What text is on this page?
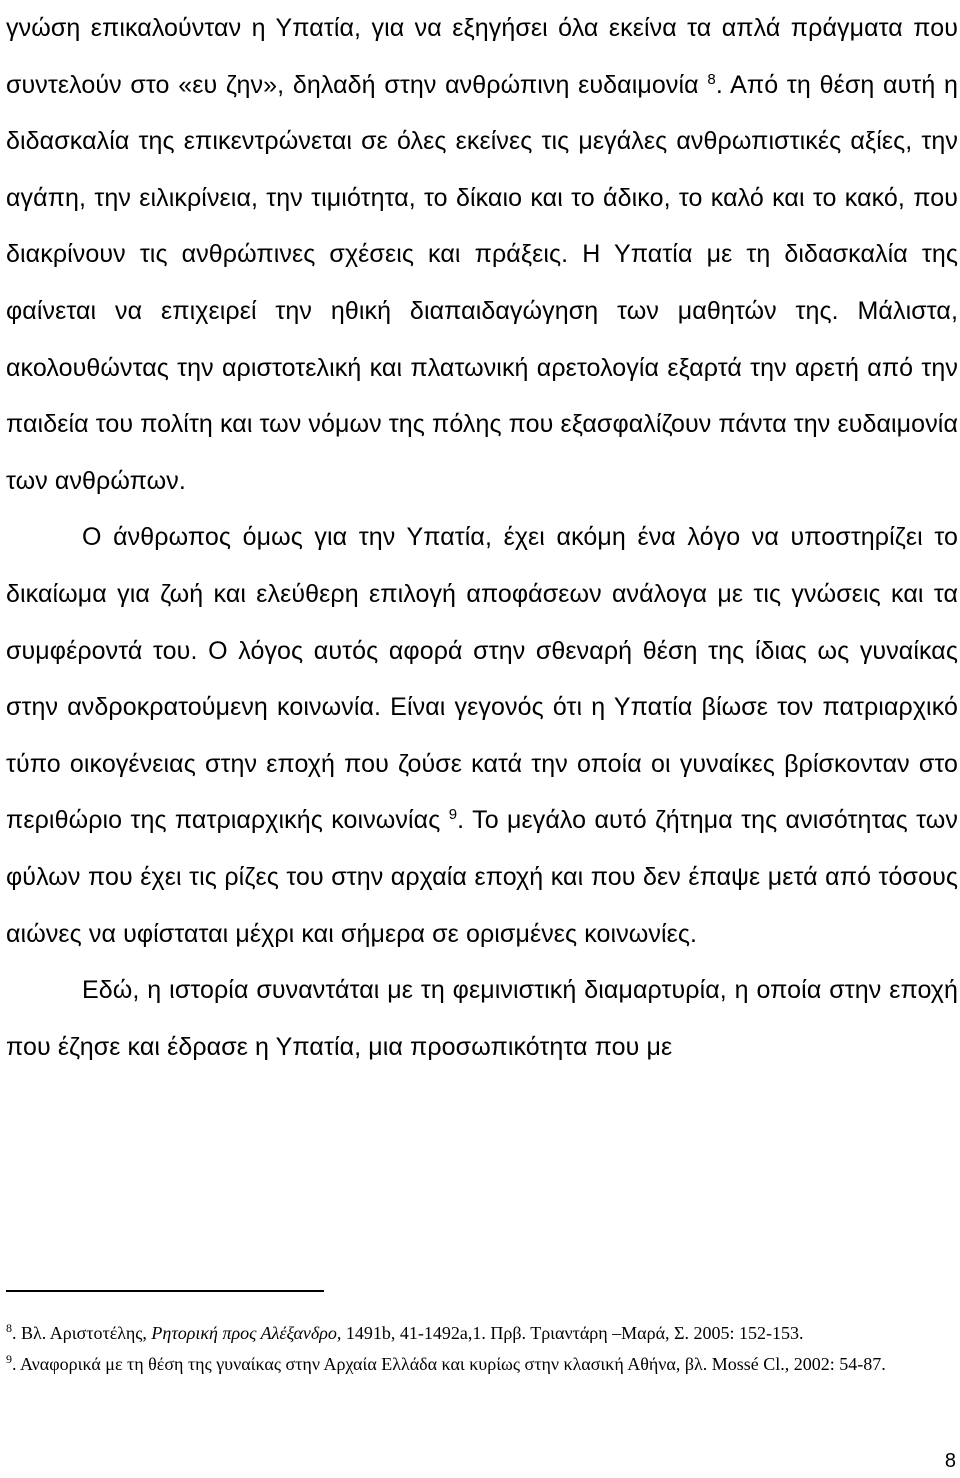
γνώση επικαλούνταν η Υπατία, για να εξηγήσει όλα εκείνα τα απλά πράγματα που συντελούν στο «ευ ζην», δηλαδή στην ανθρώπινη ευδαιμονία $^8$. Από τη θέση αυτή η διδασκαλία της επικεντρώνεται σε όλες εκείνες τις μεγάλες ανθρωπιστικές αξίες, την αγάπη, την ειλικρίνεια, την τιμιότητα, το δίκαιο και το άδικο, το καλό και το κακό, που διακρίνουν τις ανθρώπινες σχέσεις και πράξεις. Η Υπατία με τη διδασκαλία της φαίνεται να επιχειρεί την ηθική διαπαιδαγώγηση των μαθητών της. Μάλιστα, ακολουθώντας την αριστοτελική και πλατωνική αρετολογία εξαρτά την αρετή από την παιδεία του πολίτη και των νόμων της πόλης που εξασφαλίζουν πάντα την ευδαιμονία των ανθρώπων.

Ο άνθρωπος όμως για την Υπατία, έχει ακόμη ένα λόγο να υποστηρίζει το δικαίωμα για ζωή και ελεύθερη επιλογή αποφάσεων ανάλογα με τις γνώσεις και τα συμφέροντά του. Ο λόγος αυτός αφορά στην σθεναρή θέση της ίδιας ως γυναίκας στην ανδροκρατούμενη κοινωνία. Είναι γεγονός ότι η Υπατία βίωσε τον πατριαρχικό τύπο οικογένειας στην εποχή που ζούσε κατά την οποία οι γυναίκες βρίσκονταν στο περιθώριο της πατριαρχικής κοινωνίας $^9$. Το μεγάλο αυτό ζήτημα της ανισότητας των φύλων που έχει τις ρίζες του στην αρχαία εποχή και που δεν έπαψε μετά από τόσους αιώνες να υφίσταται μέχρι και σήμερα σε ορισμένες κοινωνίες.

Εδώ, η ιστορία συναντάται με τη φεμινιστική διαμαρτυρία, η οποία στην εποχή που έζησε και έδρασε η Υπατία, μια προσωπικότητα που με

$^8$. Βλ. Αριστοτέλης, Ρητορική προς Αλέξανδρο, 1491b, 41-1492a,1. Πρβ. Τριαντάρη –Μαρά, Σ. 2005: 152-153.

$^9$. Αναφορικά με τη θέση της γυναίκας στην Αρχαία Ελλάδα και κυρίως στην κλασική Αθήνα, βλ. Mossé Cl., 2002: 54-87.

8
